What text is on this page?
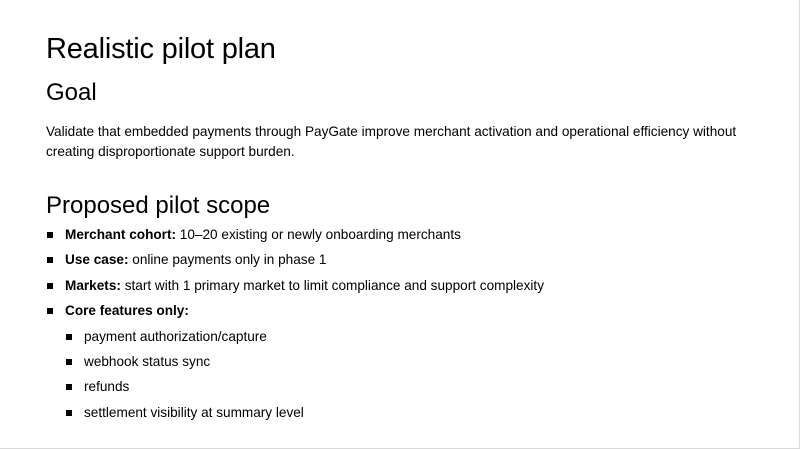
Realistic pilot plan
Goal
Validate that embedded payments through PayGate improve merchant activation and operational efficiency without creating disproportionate support burden.
Proposed pilot scope
Merchant cohort: 10–20 existing or newly onboarding merchants
Use case: online payments only in phase 1
Markets: start with 1 primary market to limit compliance and support complexity
Core features only:
payment authorization/capture
webhook status sync
refunds
settlement visibility at summary level
